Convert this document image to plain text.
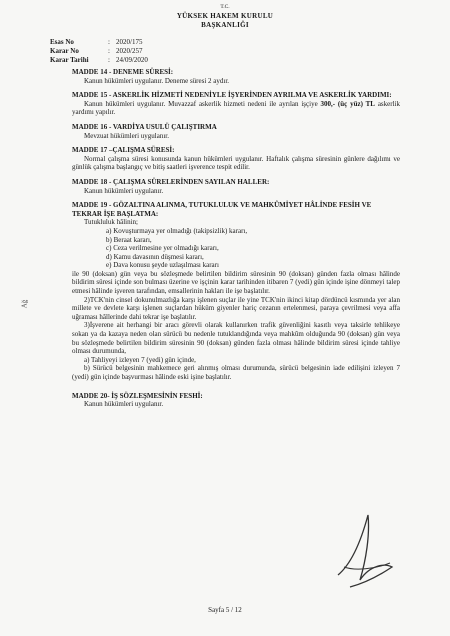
T.C.
YÜKSEK HAKEM KURULU
BAŞKANLIĞI
Esas No	: 2020/175
Karar No	: 2020/257
Karar Tarihi	: 24/09/2020
Ağ
MADDE 14 - DENEME SÜRESİ:
Kanun hükümleri uygulanır. Deneme süresi 2 aydır.
MADDE 15 - ASKERLİK HİZMETİ NEDENİYLE İŞYERİNDEN AYRILMA VE ASKERLİK YARDIMI:
Kanun hükümleri uygulanır. Muvazzaf askerlik hizmeti nedeni ile ayrılan işçiye 300,- (üç yüz) TL askerlik yardımı yapılır.
MADDE 16 - VARDİYA USULÜ ÇALIŞTIRMA
Mevzuat hükümleri uygulanır.
MADDE 17 –ÇALIŞMA SÜRESİ:
Normal çalışma süresi konusunda kanun hükümleri uygulanır. Haftalık çalışma süresinin günlere dağılımı ve günlük çalışma başlangıç ve bitiş saatleri işverence tespit edilir.
MADDE 18 - ÇALIŞMA SÜRELERİNDEN SAYILAN HALLER:
Kanun hükümleri uygulanır.
MADDE 19 - GÖZALTINA ALINMA, TUTUKLULUK VE MAHKÛMİYET HÂLİNDE FESİH VE TEKRAR İŞE BAŞLATMA:
Tutukluluk hâlinin;
a) Kovuşturmaya yer olmadığı (takipsizlik) kararı,
b) Beraat kararı,
c) Ceza verilmesine yer olmadığı kararı,
d) Kamu davasının düşmesi kararı,
e) Dava konusu şeyde uzlaşılması kararı
ile 90 (doksan) gün veya bu sözleşmede belirtilen bildirim süresinin 90 (doksan) günden fazla olması hâlinde bildirim süresi içinde son bulması üzerine ve işçinin karar tarihinden itibaren 7 (yedi) gün içinde işine dönmeyi talep etmesi hâlinde işveren tarafından, emsallerinin hakları ile işe başlatılır.
2)TCK'nin cinsel dokunulmazlığa karşı işlenen suçlar ile yine TCK'nin ikinci kitap dördüncü kısmında yer alan millete ve devlete karşı işlenen suçlardan hüküm giyenler hariç cezanın ertelenmesi, paraya çevrilmesi veya affa uğraması hâllerinde dahi tekrar işe başlatılır.
3)İşverene ait herhangi bir aracı görevli olarak kullanırken trafik güvenliğini kasıtlı veya taksirle tehlikeye sokan ya da kazaya neden olan sürücü bu nedenle tutuklandığında veya mahkûm olduğunda 90 (doksan) gün veya bu sözleşmede belirtilen bildirim süresinin 90 (doksan) günden fazla olması hâlinde bildirim süresi içinde tahliye olması durumunda,
a) Tahliyeyi izleyen 7 (yedi) gün içinde,
b) Sürücü belgesinin mahkemece geri alınmış olması durumunda, sürücü belgesinin iade edilişini izleyen 7 (yedi) gün içinde başvurması hâlinde eski işine başlatılır.
MADDE 20- İŞ SÖZLEŞMESİNİN FESHİ:
Kanun hükümleri uygulanır.
Sayfa 5 / 12
